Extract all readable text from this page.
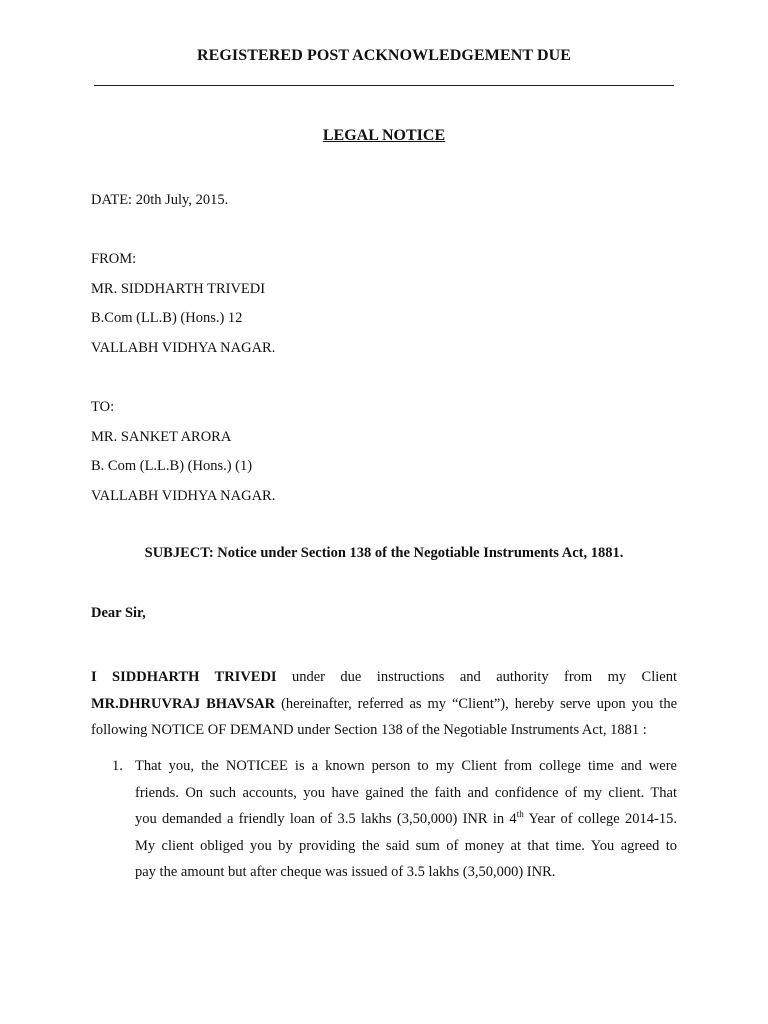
REGISTERED POST ACKNOWLEDGEMENT DUE
LEGAL NOTICE
DATE: 20th July, 2015.
FROM:
MR. SIDDHARTH TRIVEDI
B.Com (LL.B) (Hons.) 12
VALLABH VIDHYA NAGAR.
TO:
MR. SANKET ARORA
B. Com (L.L.B) (Hons.) (1)
VALLABH VIDHYA NAGAR.
SUBJECT: Notice under Section 138 of the Negotiable Instruments Act, 1881.
Dear Sir,
I SIDDHARTH TRIVEDI under due instructions and authority from my Client
MR.DHRUVRAJ BHAVSAR (hereinafter, referred as my “Client”), hereby serve upon you the
following NOTICE OF DEMAND under Section 138 of the Negotiable Instruments Act, 1881 :
1. That you, the NOTICEE is a known person to my Client from college time and were
friends. On such accounts, you have gained the faith and confidence of my client. That
you demanded a friendly loan of 3.5 lakhs (3,50,000) INR in 4th Year of college 2014-15.
My client obliged you by providing the said sum of money at that time. You agreed to
pay the amount but after cheque was issued of 3.5 lakhs (3,50,000) INR.
